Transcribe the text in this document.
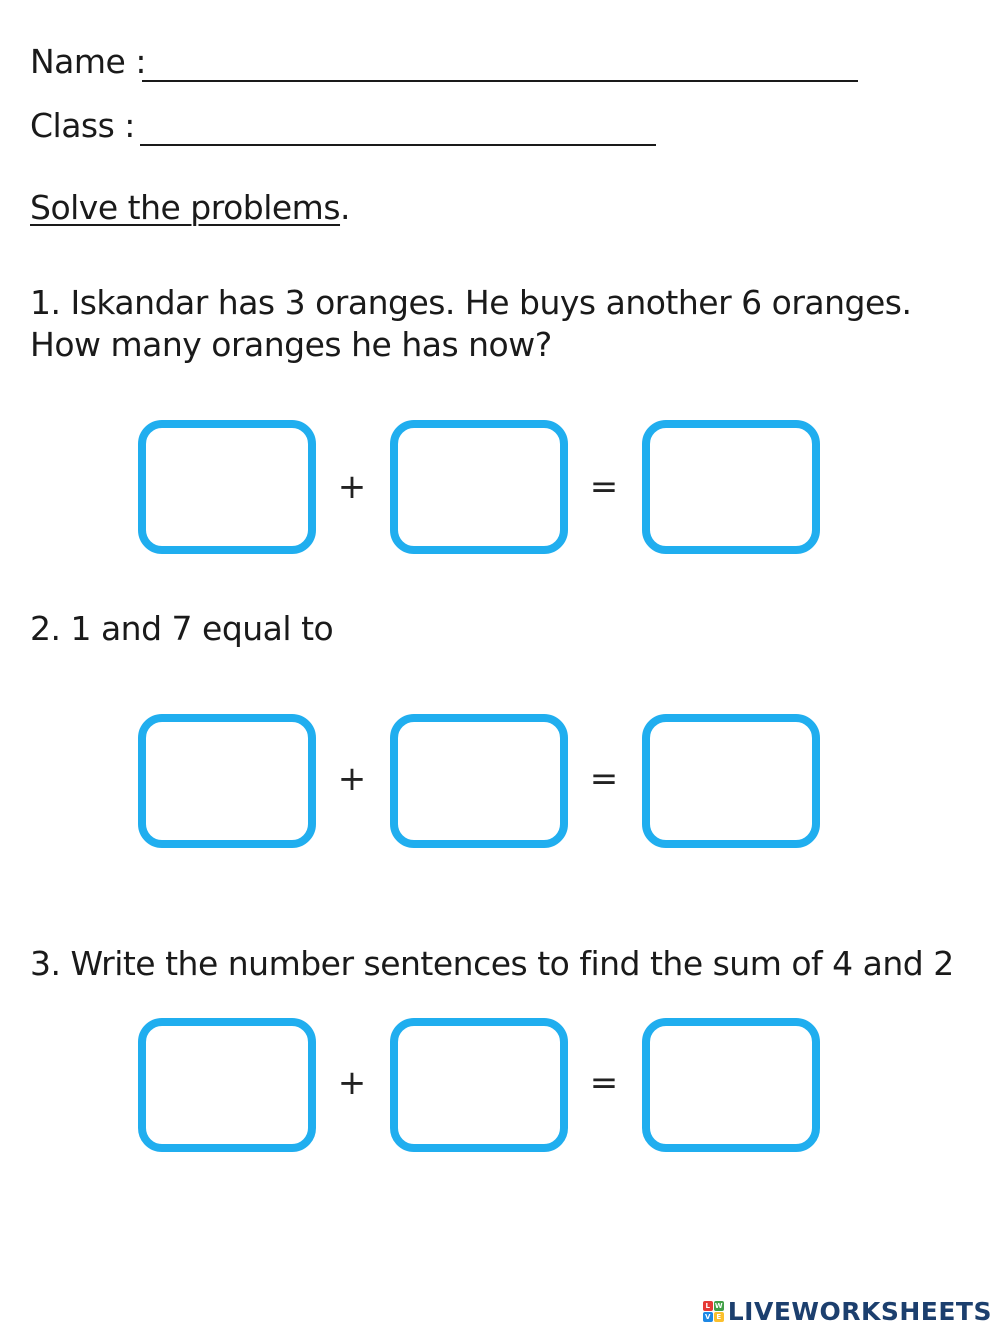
Name :
Class :
Solve the problems.
1. Iskandar has 3 oranges. He buys another 6 oranges. How many oranges he has now?
+	=
2. 1 and 7 equal to
+	=
3. Write the number sentences to find the sum of 4 and 2
+	=
L W
V E LIVEWORKSHEETS
